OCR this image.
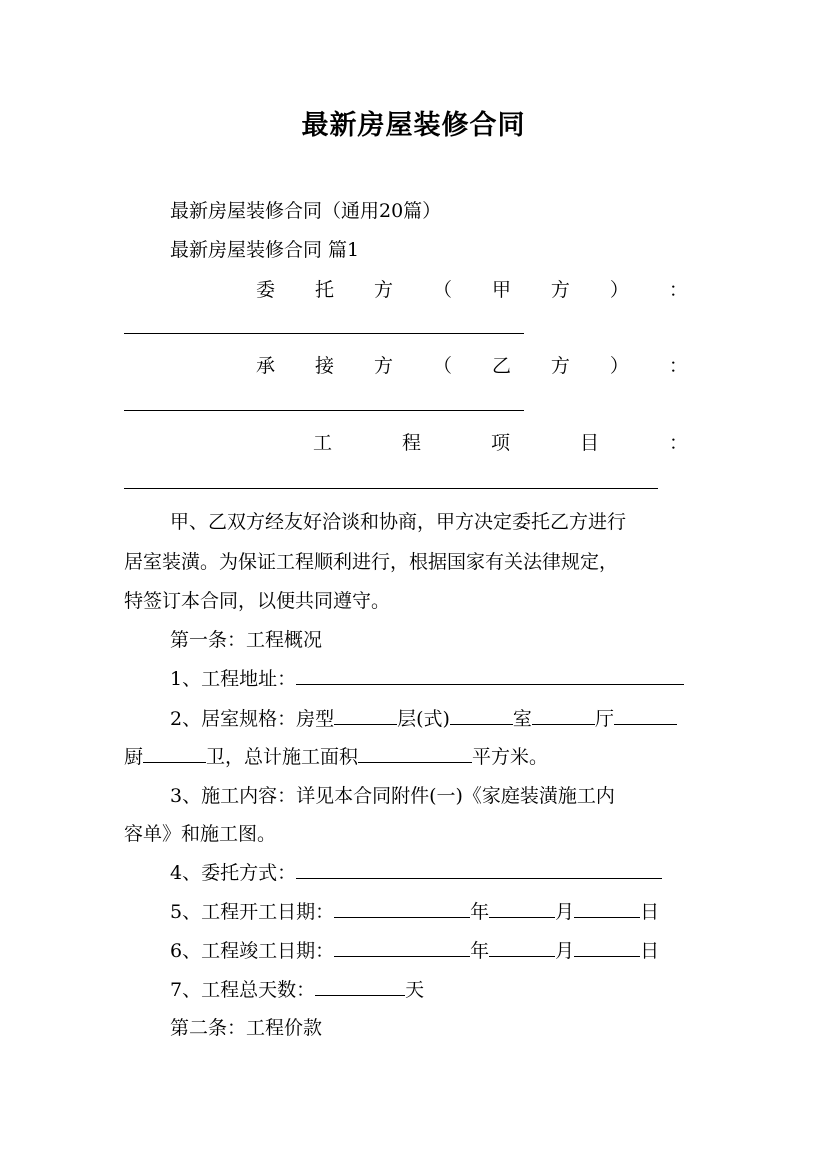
最新房屋装修合同
最新房屋装修合同（通用20篇）
最新房屋装修合同 篇1
委 托 方 （ 甲 方 ） ：
承 接 方 （ 乙 方 ） ：
工	程	项	目	：
甲、乙双方经友好洽谈和协商，甲方决定委托乙方进行
居室装潢。为保证工程顺利进行，根据国家有关法律规定，
特签订本合同，以便共同遵守。
第一条：工程概况
1、工程地址：
2、居室规格：房型	层(式)	室	厅
厨	卫，总计施工面积	平方米。
3、施工内容：详见本合同附件(一)《家庭装潢施工内
容单》和施工图。
4、委托方式：
5、工程开工日期：	年	月	日
6、工程竣工日期：	年	月	日
7、工程总天数：	天
第二条：工程价款
